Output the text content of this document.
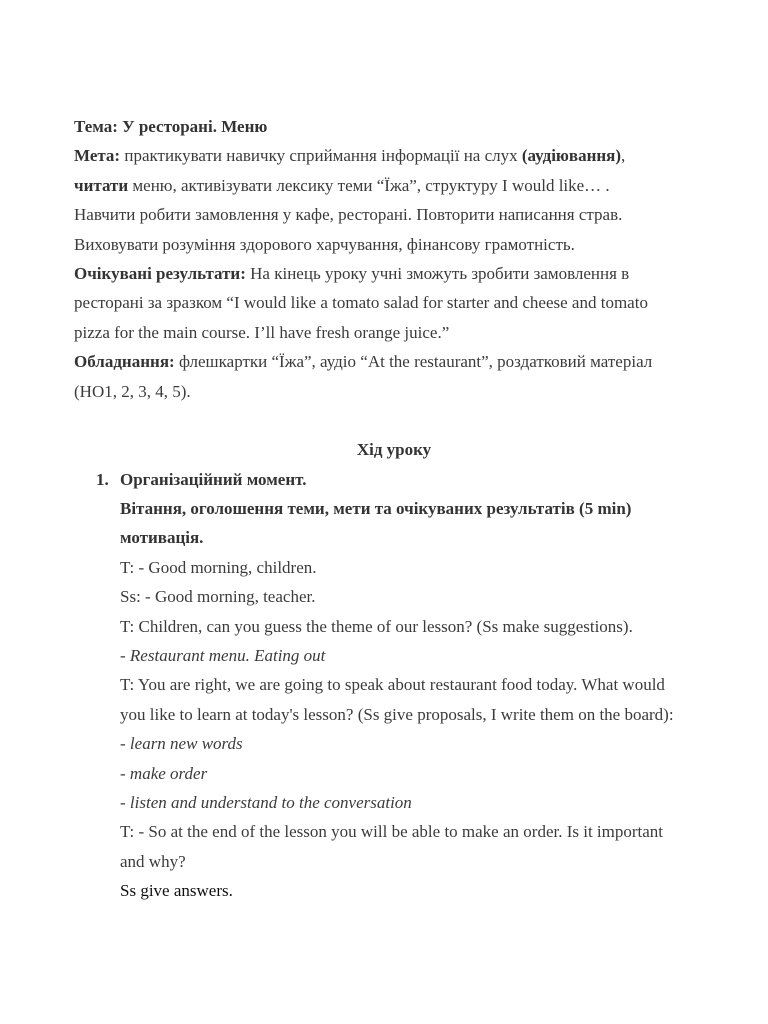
Тема: У ресторані. Меню
Мета: практикувати навичку сприймання інформації на слух (аудіювання),
читати меню, активізувати лексику теми “Їжа”, структуру I would like… .
Навчити робити замовлення у кафе, ресторані. Повторити написання страв.
Виховувати розуміння здорового харчування, фінансову грамотність.
Очікувані результати: На кінець уроку учні зможуть зробити замовлення в
ресторані за зразком “I would like a tomato salad for starter and cheese and tomato
pizza for the main course. I’ll have fresh orange juice.”
Обладнання: флешкартки “Їжа”, аудіо “At the restaurant”, роздатковий матеріал
(HO1, 2, 3, 4, 5).
Хід уроку
1. Організаційний момент.
Вітання, оголошення теми, мети та очікуваних результатів (5 min)
мотивація.
T: - Good morning, children.
Ss: - Good morning, teacher.
T: Children, can you guess the theme of our lesson? (Ss make suggestions).
- Restaurant menu. Eating out
T: You are right, we are going to speak about restaurant food today. What would
you like to learn at today's lesson? (Ss give proposals, I write them on the board):
- learn new words
- make order
- listen and understand to the conversation
T: - So at the end of the lesson you will be able to make an order. Is it important
and why?
Ss give answers.
